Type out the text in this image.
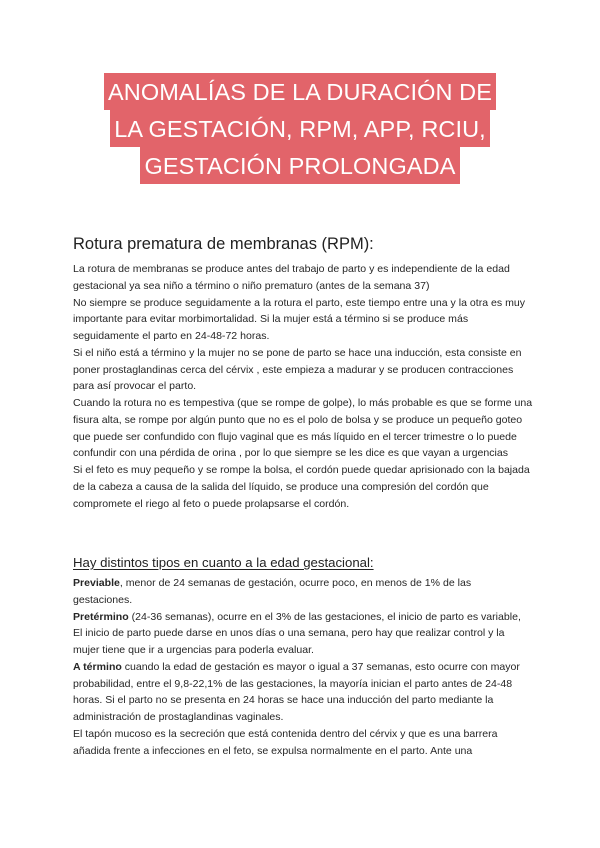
ANOMALÍAS DE LA DURACIÓN DE
LA GESTACIÓN, RPM, APP, RCIU,
GESTACIÓN PROLONGADA
Rotura prematura de membranas (RPM):

La rotura de membranas se produce antes del trabajo de parto y es independiente de la edad gestacional ya sea niño a término o niño prematuro (antes de la semana 37)

No siempre se produce seguidamente a la rotura el parto, este tiempo entre una y la otra es muy importante para evitar morbimortalidad. Si la mujer está a término si se produce más seguidamente el parto en 24-48-72 horas.

Si el niño está a término y la mujer no se pone de parto se hace una inducción, esta consiste en poner prostaglandinas cerca del cérvix , este empieza a madurar y se producen contracciones para así provocar el parto.

Cuando la rotura no es tempestiva (que se rompe de golpe), lo más probable es que se forme una fisura alta, se rompe por algún punto que no es el polo de bolsa y se produce un pequeño goteo que puede ser confundido con flujo vaginal que es más líquido en el tercer trimestre o lo puede confundir con una pérdida de orina , por lo que siempre se les dice es que vayan a urgencias

Si el feto es muy pequeño y se rompe la bolsa, el cordón puede quedar aprisionado con la bajada de la cabeza a causa de la salida del líquido, se produce una compresión del cordón que compromete el riego al feto o puede prolapsarse el cordón.

Hay distintos tipos en cuanto a la edad gestacional:

Previable, menor de 24 semanas de gestación, ocurre poco, en menos de 1% de las gestaciones.

Pretérmino (24-36 semanas), ocurre en el 3% de las gestaciones, el inicio de parto es variable, El inicio de parto puede darse en unos días o una semana, pero hay que realizar control y la mujer tiene que ir a urgencias para poderla evaluar.

A término cuando la edad de gestación es mayor o igual a 37 semanas, esto ocurre con mayor probabilidad, entre el 9,8-22,1% de las gestaciones, la mayoría inician el parto antes de 24-48 horas. Si el parto no se presenta en 24 horas se hace una inducción del parto mediante la administración de prostaglandinas vaginales.

El tapón mucoso es la secreción que está contenida dentro del cérvix y que es una barrera añadida frente a infecciones en el feto, se expulsa normalmente en el parto. Ante una
